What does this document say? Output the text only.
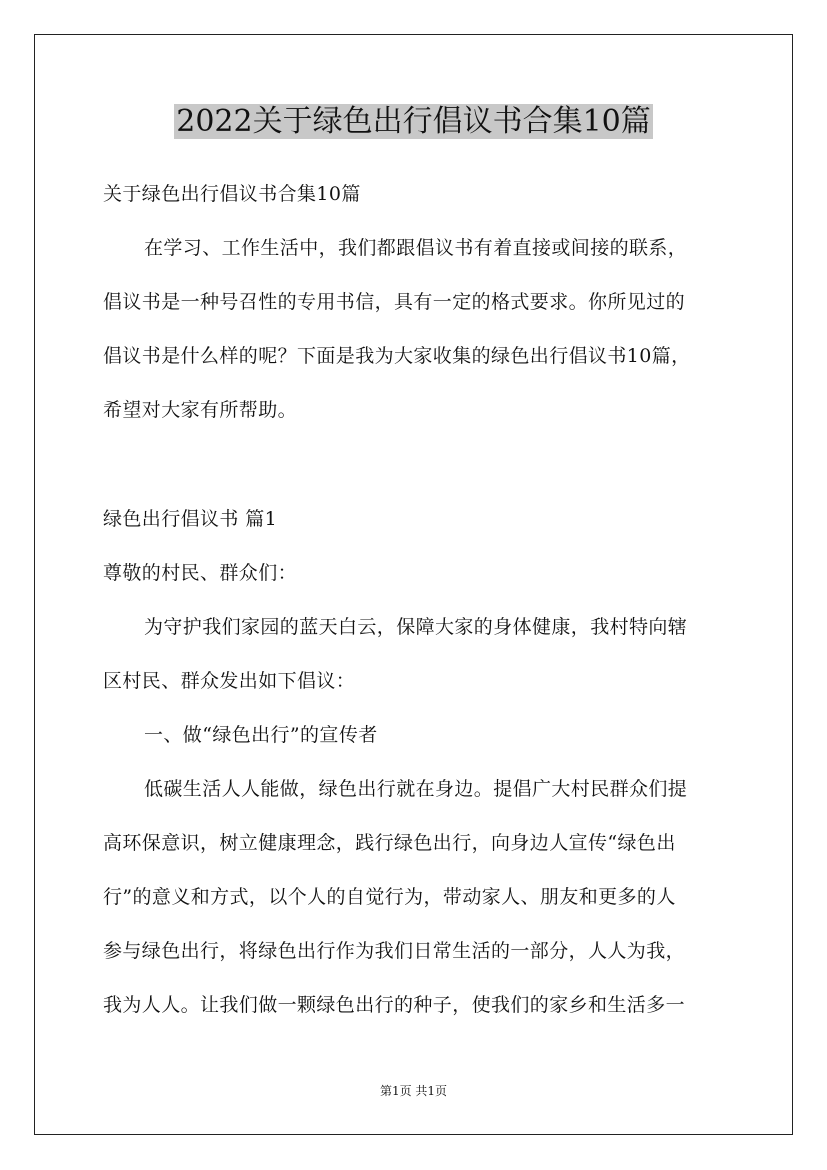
2022关于绿色出行倡议书合集10篇
关于绿色出行倡议书合集10篇
在学习、工作生活中，我们都跟倡议书有着直接或间接的联系，
倡议书是一种号召性的专用书信，具有一定的格式要求。你所见过的
倡议书是什么样的呢？下面是我为大家收集的绿色出行倡议书10篇，
希望对大家有所帮助。
绿色出行倡议书 篇1
尊敬的村民、群众们：
为守护我们家园的蓝天白云，保障大家的身体健康，我村特向辖
区村民、群众发出如下倡议：
一、做“绿色出行”的宣传者
低碳生活人人能做，绿色出行就在身边。提倡广大村民群众们提
高环保意识，树立健康理念，践行绿色出行，向身边人宣传“绿色出
行”的意义和方式，以个人的自觉行为，带动家人、朋友和更多的人
参与绿色出行，将绿色出行作为我们日常生活的一部分，人人为我，
我为人人。让我们做一颗绿色出行的种子，使我们的家乡和生活多一
第1页 共1页
